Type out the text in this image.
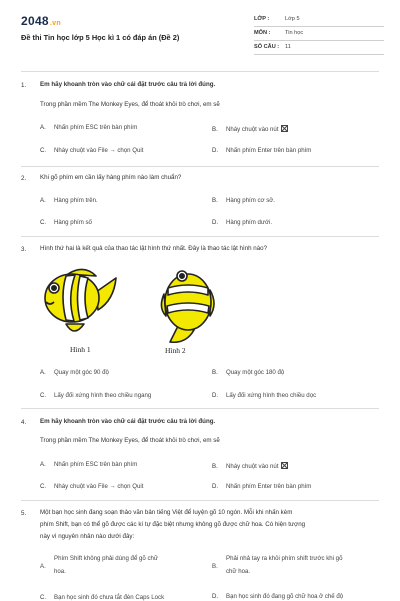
2048.vn
Đề thi Tin học lớp 5 Học kì 1 có đáp án (Đề 2)
LỚP :	Lớp 5
MÔN :	Tin học
SỐ CÂU : 11
1. Em hãy khoanh tròn vào chữ cái đặt trước câu trả lời đúng.
Trong phần mềm The Monkey Eyes, để thoát khỏi trò chơi, em sẽ
A. Nhấn phím ESC trên bàn phím	B. Nháy chuột vào nút
C. Nháy chuột vào File → chọn Quit	D. Nhấn phím Enter trên bàn phím
2. Khi gõ phím em cần lấy hàng phím nào làm chuẩn?
A. Hàng phím trên.	B. Hàng phím cơ sở.
C. Hàng phím số	D. Hàng phím dưới.
3. Hình thứ hai là kết quả của thao tác lật hình thứ nhất. Đây là thao tác lật hình nào?
Hình 1	Hình 2
A. Quay một góc 90 độ	B. Quay một góc 180 độ
C. Lấy đối xứng hình theo chiều ngang	D. Lấy đối xứng hình theo chiều dọc
4. Em hãy khoanh tròn vào chữ cái đặt trước câu trả lời đúng.
Trong phần mềm The Monkey Eyes, để thoát khỏi trò chơi, em sẽ
A. Nhấn phím ESC trên bàn phím	B. Nháy chuột vào nút
C. Nháy chuột vào File → chọn Quit	D. Nhấn phím Enter trên bàn phím
5. Một bạn học sinh đang soạn thảo văn bản tiếng Việt để luyện gõ 10 ngón. Mỗi khi nhấn kèm
phím Shift, bạn có thể gõ được các kí tự đặc biệt nhưng không gõ được chữ hoa. Có hiện tượng
này vì nguyên nhân nào dưới đây:
A.
Phím Shift không phải dùng để gõ chữ
hoa.
B.
Phải nhả tay ra khỏi phím shift trước khi gõ
chữ hoa.
C. Bạn học sinh đó chưa tắt đèn Caps Lock	D. Bạn học sinh đó đang gõ chữ hoa ở chế độ
